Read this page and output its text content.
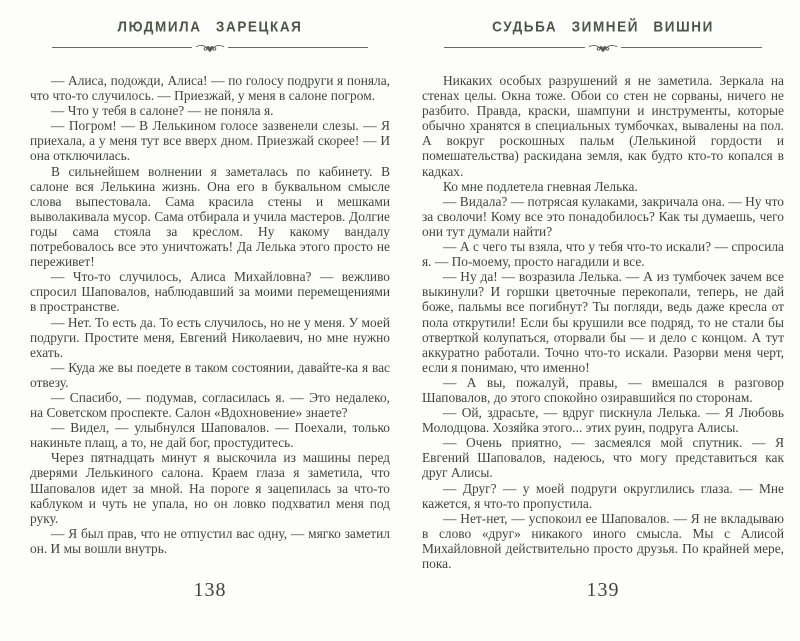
ЛЮДМИЛА ЗАРЕЦКАЯ

— Алиса, подожди, Алиса! — по голосу подруги я поняла, что что-то случилось. — Приезжай, у меня в салоне погром.

— Что у тебя в салоне? — не поняла я.

— Погром! — В Лелькином голосе зазвенели слезы. — Я приехала, а у меня тут все вверх дном. Приезжай скорее! — И она отключилась.

В сильнейшем волнении я заметалась по кабинету. В салоне вся Лелькина жизнь. Она его в буквальном смысле слова выпестовала. Сама красила стены и мешками выволакивала мусор. Сама отбирала и учила мастеров. Долгие годы сама стояла за креслом. Ну какому вандалу потребовалось все это уничтожать! Да Лелька этого просто не переживет!

— Что-то случилось, Алиса Михайловна? — вежливо спросил Шаповалов, наблюдавший за моими перемещениями в пространстве.

— Нет. То есть да. То есть случилось, но не у меня. У моей подруги. Простите меня, Евгений Николаевич, но мне нужно ехать.

— Куда же вы поедете в таком состоянии, давайте-ка я вас отвезу.

— Спасибо, — подумав, согласилась я. — Это недалеко, на Советском проспекте. Салон «Вдохновение» знаете?

— Видел, — улыбнулся Шаповалов. — Поехали, только накиньте плащ, а то, не дай бог, простудитесь.

Через пятнадцать минут я выскочила из машины перед дверями Лелькиного салона. Краем глаза я заметила, что Шаповалов идет за мной. На пороге я зацепилась за что-то каблуком и чуть не упала, но он ловко подхватил меня под руку.

— Я был прав, что не отпустил вас одну, — мягко заметил он. И мы вошли внутрь.

138
СУДЬБА ЗИМНЕЙ ВИШНИ

Никаких особых разрушений я не заметила. Зеркала на стенах целы. Окна тоже. Обои со стен не сорваны, ничего не разбито. Правда, краски, шампуни и инструменты, которые обычно хранятся в специальных тумбочках, вывалены на пол. А вокруг роскошных пальм (Лелькиной гордости и помешательства) раскидана земля, как будто кто-то копался в кадках.

Ко мне подлетела гневная Лелька.

— Видала? — потрясая кулаками, закричала она. — Ну что за сволочи! Кому все это понадобилось? Как ты думаешь, чего они тут думали найти?

— А с чего ты взяла, что у тебя что-то искали? — спросила я. — По-моему, просто нагадили и все.

— Ну да! — возразила Лелька. — А из тумбочек зачем все выкинули? И горшки цветочные перекопали, теперь, не дай боже, пальмы все погибнут? Ты погляди, ведь даже кресла от пола открутили! Если бы крушили все подряд, то не стали бы отверткой колупаться, оторвали бы — и дело с концом. А тут аккуратно работали. Точно что-то искали. Разорви меня черт, если я понимаю, что именно!

— А вы, пожалуй, правы, — вмешался в разговор Шаповалов, до этого спокойно озиравшийся по сторонам.

— Ой, здрасьте, — вдруг пискнула Лелька. — Я Любовь Молодцова. Хозяйка этого... этих руин, подруга Алисы.

— Очень приятно, — засмеялся мой спутник. — Я Евгений Шаповалов, надеюсь, что могу представиться как друг Алисы.

— Друг? — у моей подруги округлились глаза. — Мне кажется, я что-то пропустила.

— Нет-нет, — успокоил ее Шаповалов. — Я не вкладываю в слово «друг» никакого иного смысла. Мы с Алисой Михайловной действительно просто друзья. По крайней мере, пока.

139
